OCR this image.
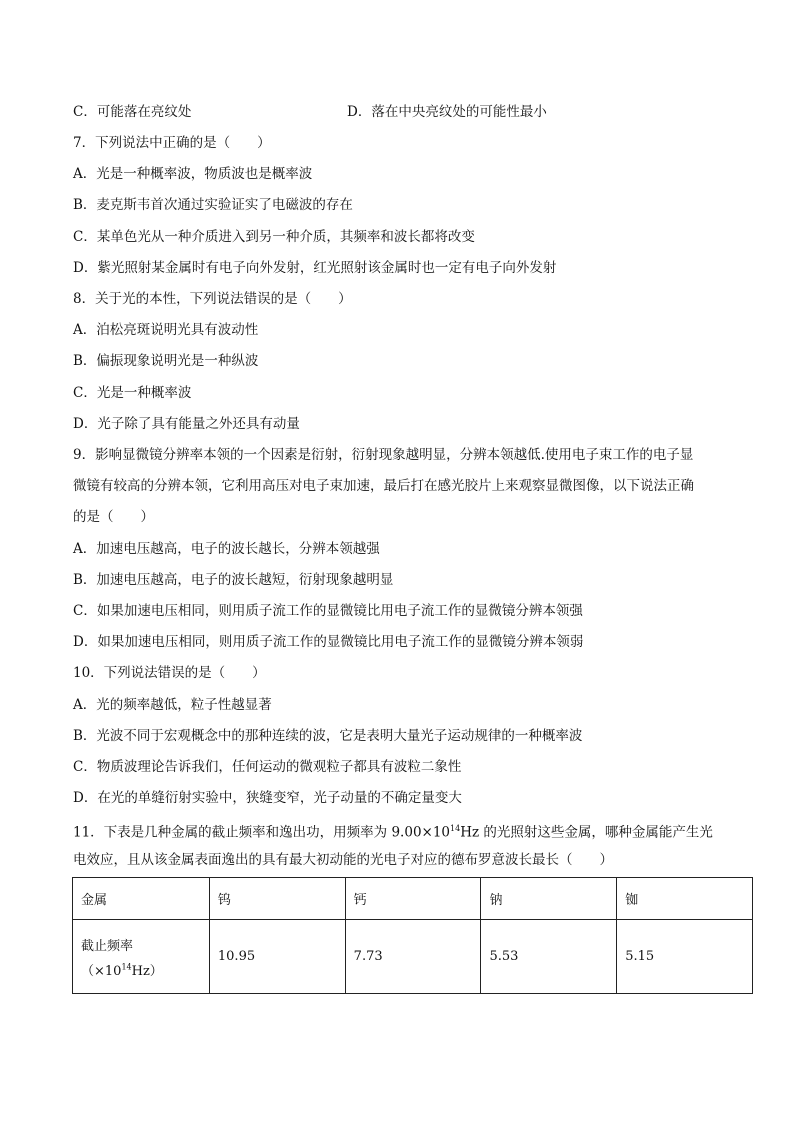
C．可能落在亮纹处	D．落在中央亮纹处的可能性最小
7．下列说法中正确的是（　　）
A．光是一种概率波，物质波也是概率波
B．麦克斯韦首次通过实验证实了电磁波的存在
C．某单色光从一种介质进入到另一种介质，其频率和波长都将改变
D．紫光照射某金属时有电子向外发射，红光照射该金属时也一定有电子向外发射
8．关于光的本性，下列说法错误的是（　　）
A．泊松亮斑说明光具有波动性
B．偏振现象说明光是一种纵波
C．光是一种概率波
D．光子除了具有能量之外还具有动量
9．影响显微镜分辨率本领的一个因素是衍射，衍射现象越明显，分辨本领越低.使用电子束工作的电子显
微镜有较高的分辨本领，它利用高压对电子束加速，最后打在感光胶片上来观察显微图像，以下说法正确
的是（　　）
A．加速电压越高，电子的波长越长，分辨本领越强
B．加速电压越高，电子的波长越短，衍射现象越明显
C．如果加速电压相同，则用质子流工作的显微镜比用电子流工作的显微镜分辨本领强
D．如果加速电压相同，则用质子流工作的显微镜比用电子流工作的显微镜分辨本领弱
10．下列说法错误的是（　　）
A．光的频率越低，粒子性越显著
B．光波不同于宏观概念中的那种连续的波，它是表明大量光子运动规律的一种概率波
C．物质波理论告诉我们，任何运动的微观粒子都具有波粒二象性
D．在光的单缝衍射实验中，狭缝变窄，光子动量的不确定量变大
11．下表是几种金属的截止频率和逸出功，用频率为 $9.00\times 10^{14}Hz$ 的光照射这些金属，哪种金属能产生光
电效应，且从该金属表面逸出的具有最大初动能的光电子对应的德布罗意波长最长（　　）
金属	钨	钙	钠	铷
截止频率
$(\times 10^{14}Hz)$	10.95	7.73	5.53	5.15
